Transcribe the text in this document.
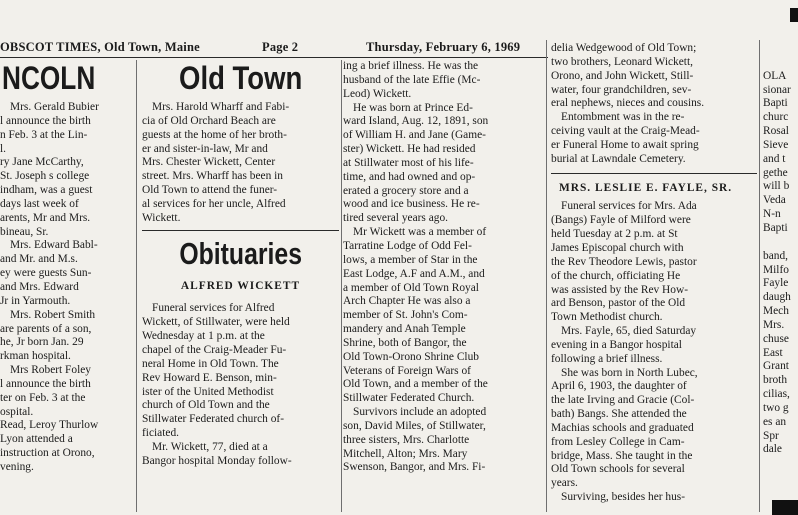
OBSCOT TIMES, Old Town, Maine	Page 2	Thursday, February 6, 1969
NCOLN

Mrs. Gerald Bubier

l announce the birth

n Feb. 3 at the Lin-

l.

ry Jane McCarthy,

St. Joseph s college

indham, was a guest

days last week of

arents, Mr and Mrs.

bineau, Sr.

Mrs. Edward Babl-

and Mr. and M.s.

ey were guests Sun-

and Mrs. Edward

Jr in Yarmouth.

Mrs. Robert Smith

are parents of a son,

he, Jr born Jan. 29

rkman hospital.

Mrs Robert Foley

l announce the birth

ter on Feb. 3 at the

ospital.

Read, Leroy Thurlow

Lyon attended a

instruction at Orono,

vening.

Old Town

Mrs. Harold Wharff and Fabi-

cia of Old Orchard Beach are

guests at the home of her broth-

er and sister-in-law, Mr and

Mrs. Chester Wickett, Center

street. Mrs. Wharff has been in

Old Town to attend the funer-

al services for her uncle, Alfred

Wickett.

Obituaries
ALFRED WICKETT

Funeral services for Alfred

Wickett, of Stillwater, were held

Wednesday at 1 p.m. at the

chapel of the Craig-Meader Fu-

neral Home in Old Town. The

Rev Howard E. Benson, min-

ister of the United Methodist

church of Old Town and the

Stillwater Federated church of-

ficiated.

Mr. Wickett, 77, died at a

Bangor hospital Monday follow-

ing a brief illness. He was the

husband of the late Effie (Mc-

Leod) Wickett.

He was born at Prince Ed-

ward Island, Aug. 12, 1891, son

of William H. and Jane (Game-

ster) Wickett. He had resided

at Stillwater most of his life-

time, and had owned and op-

erated a grocery store and a

wood and ice business. He re-

tired several years ago.

Mr Wickett was a member of

Tarratine Lodge of Odd Fel-

lows, a member of Star in the

East Lodge, A.F and A.M., and

a member of Old Town Royal

Arch Chapter He was also a

member of St. John's Com-

mandery and Anah Temple

Shrine, both of Bangor, the

Old Town-Orono Shrine Club

Veterans of Foreign Wars of

Old Town, and a member of the

Stillwater Federated Church.

Survivors include an adopted

son, David Miles, of Stillwater,

three sisters, Mrs. Charlotte

Mitchell, Alton; Mrs. Mary

Swenson, Bangor, and Mrs. Fi-

delia Wedgewood of Old Town;

two brothers, Leonard Wickett,

Orono, and John Wickett, Still-

water, four grandchildren, sev-

eral nephews, nieces and cousins.

Entombment was in the re-

ceiving vault at the Craig-Mead-

er Funeral Home to await spring

burial at Lawndale Cemetery.

MRS. LESLIE E. FAYLE, SR.

Funeral services for Mrs. Ada

(Bangs) Fayle of Milford were

held Tuesday at 2 p.m. at St

James Episcopal church with

the Rev Theodore Lewis, pastor

of the church, officiating He

was assisted by the Rev How-

ard Benson, pastor of the Old

Town Methodist church.

Mrs. Fayle, 65, died Saturday

evening in a Bangor hospital

following a brief illness.

She was born in North Lubec,

April 6, 1903, the daughter of

the late Irving and Gracie (Col-

bath) Bangs. She attended the

Machias schools and graduated

from Lesley College in Cam-

bridge, Mass. She taught in the

Old Town schools for several

years.

Surviving, besides her hus-

OLA

sionar

Bapti

churc

Rosal

Sieve

and t

gethe

will b

Veda

N-n

Bapti

band,

Milfo

Fayle

daugh

Mech

Mrs.

chuse

East

Grant

broth

cilias,

two g

es an

Spr

dale
